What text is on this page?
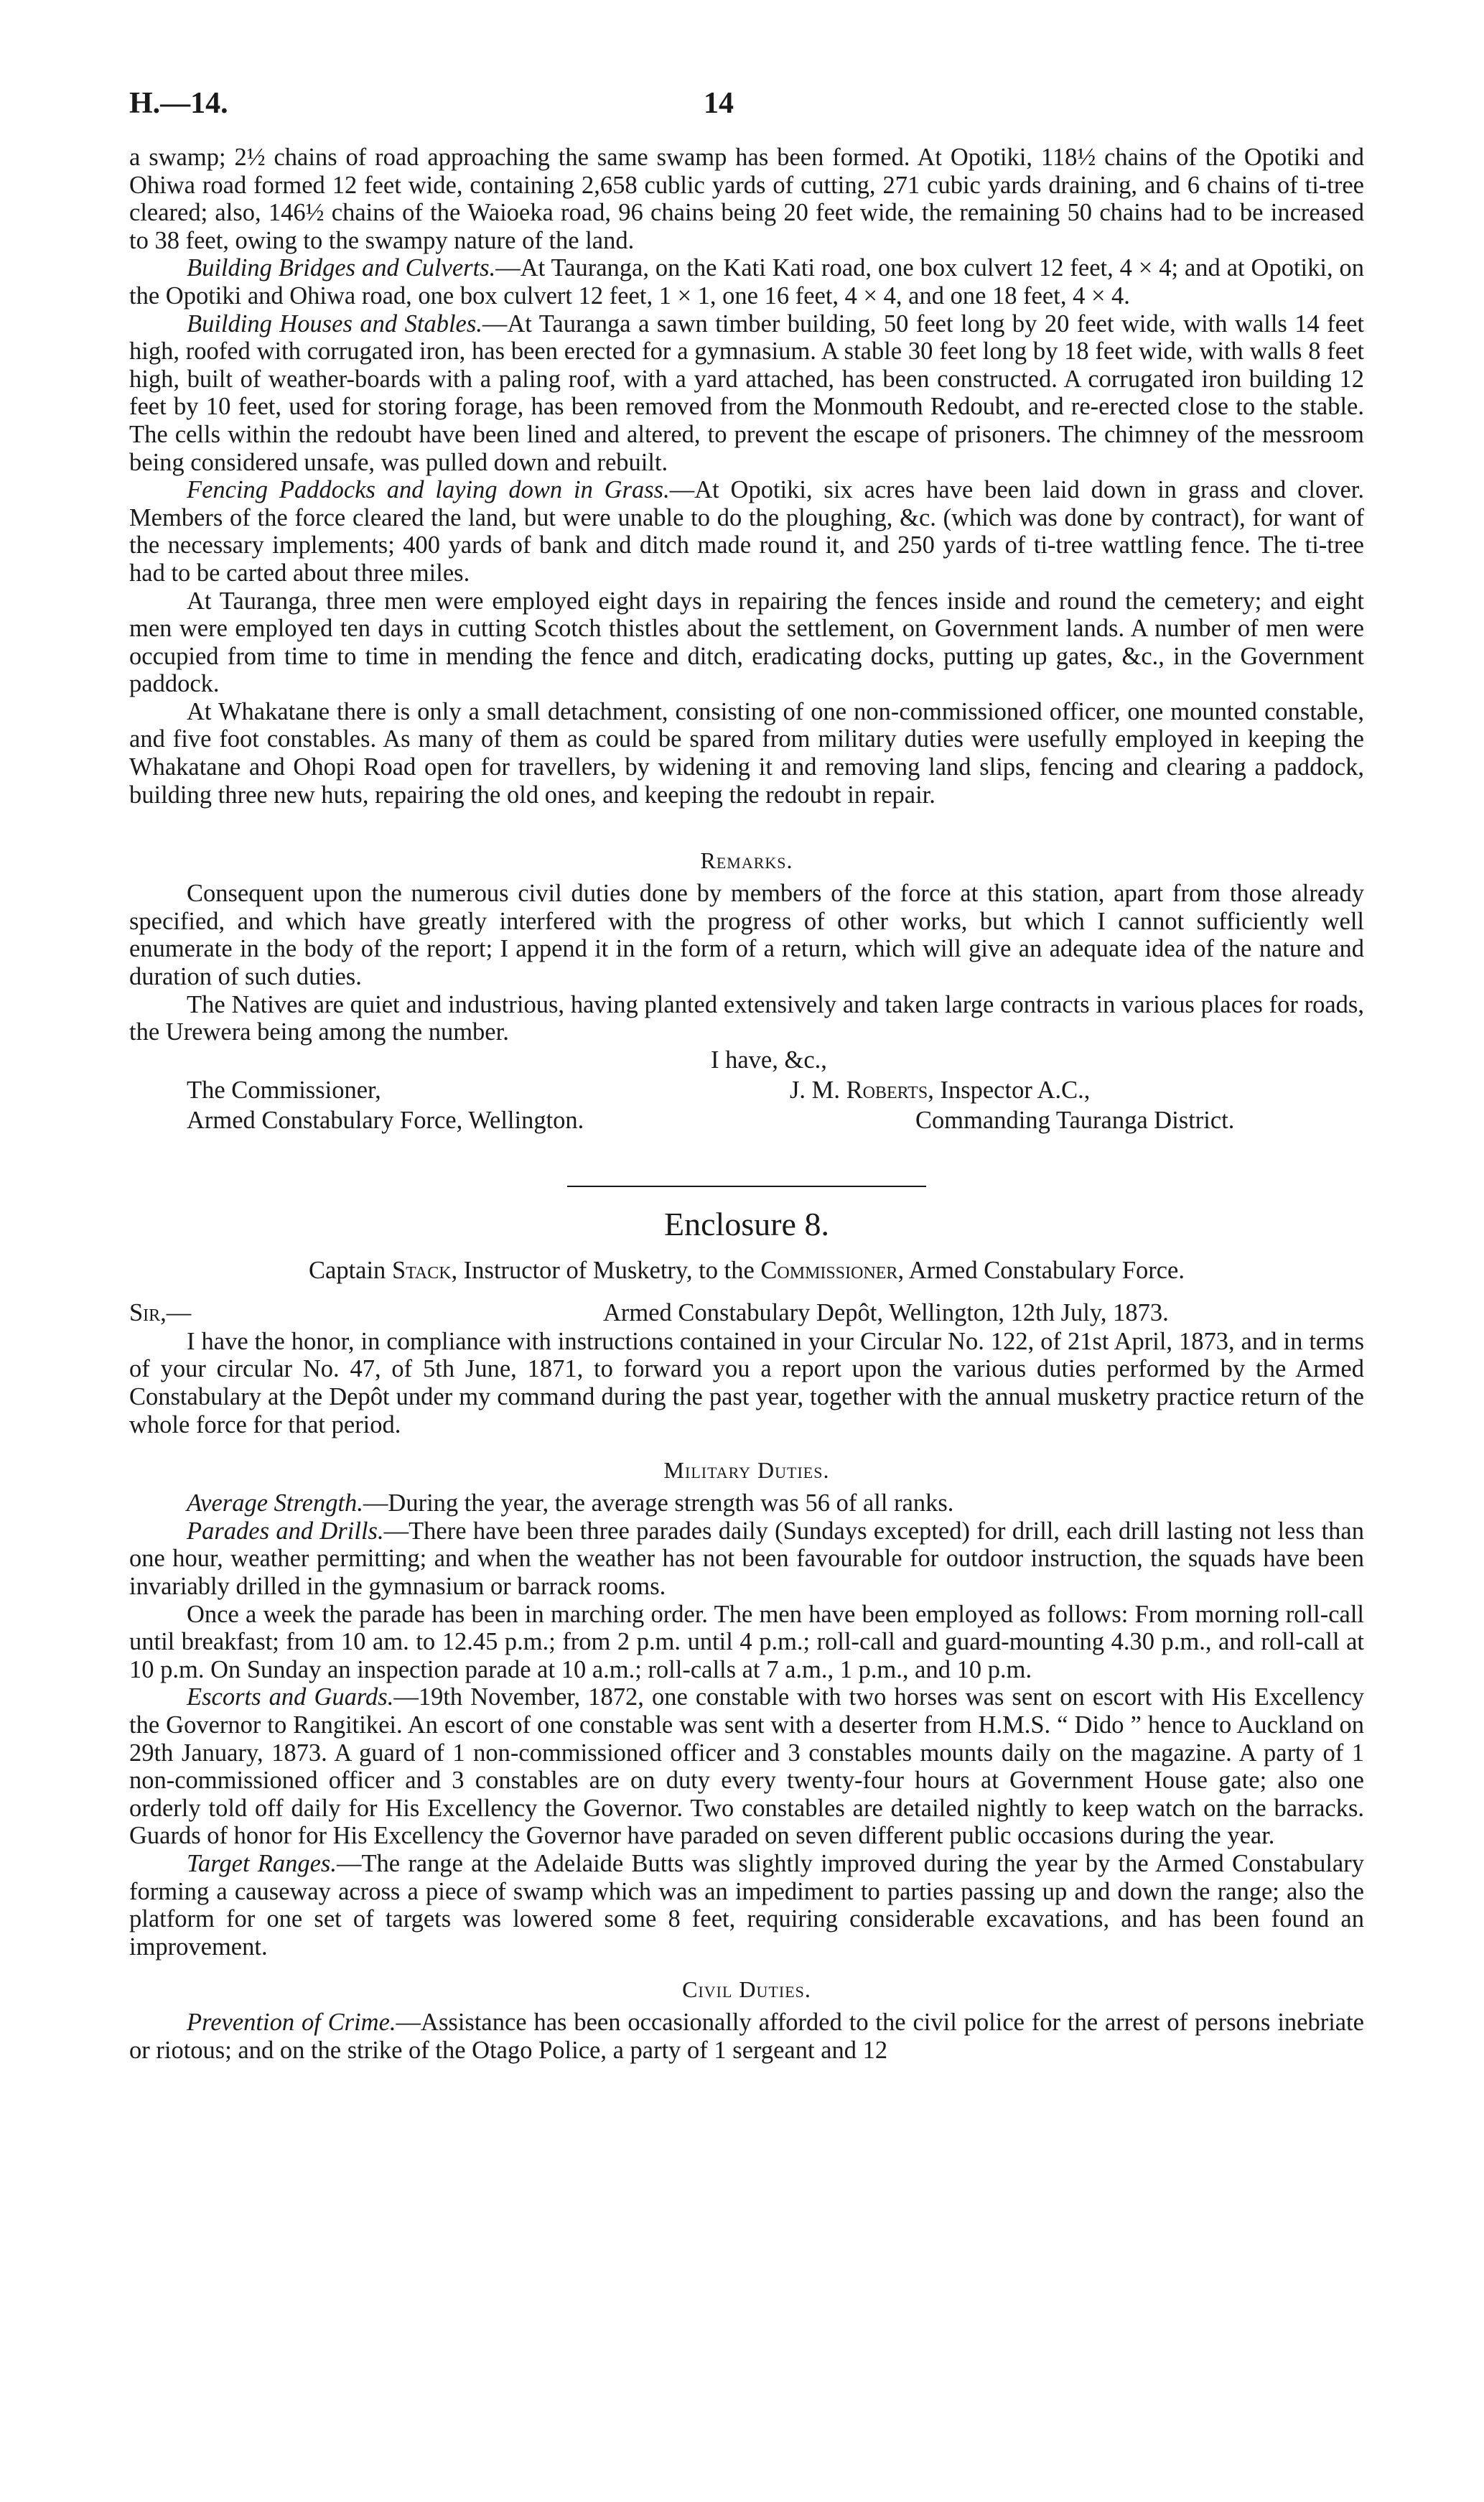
H.—14.	14

a swamp; 2½ chains of road approaching the same swamp has been formed. At Opotiki, 118½ chains of the Opotiki and Ohiwa road formed 12 feet wide, containing 2,658 cublic yards of cutting, 271 cubic yards draining, and 6 chains of ti-tree cleared; also, 146½ chains of the Waioeka road, 96 chains being 20 feet wide, the remaining 50 chains had to be increased to 38 feet, owing to the swampy nature of the land.

Building Bridges and Culverts.—At Tauranga, on the Kati Kati road, one box culvert 12 feet, 4 × 4; and at Opotiki, on the Opotiki and Ohiwa road, one box culvert 12 feet, 1 × 1, one 16 feet, 4 × 4, and one 18 feet, 4 × 4.

Building Houses and Stables.—At Tauranga a sawn timber building, 50 feet long by 20 feet wide, with walls 14 feet high, roofed with corrugated iron, has been erected for a gymnasium. A stable 30 feet long by 18 feet wide, with walls 8 feet high, built of weather-boards with a paling roof, with a yard attached, has been constructed. A corrugated iron building 12 feet by 10 feet, used for storing forage, has been removed from the Monmouth Redoubt, and re-erected close to the stable. The cells within the redoubt have been lined and altered, to prevent the escape of prisoners. The chimney of the messroom being considered unsafe, was pulled down and rebuilt.

Fencing Paddocks and laying down in Grass.—At Opotiki, six acres have been laid down in grass and clover. Members of the force cleared the land, but were unable to do the ploughing, &c. (which was done by contract), for want of the necessary implements; 400 yards of bank and ditch made round it, and 250 yards of ti-tree wattling fence. The ti-tree had to be carted about three miles.

At Tauranga, three men were employed eight days in repairing the fences inside and round the cemetery; and eight men were employed ten days in cutting Scotch thistles about the settlement, on Government lands. A number of men were occupied from time to time in mending the fence and ditch, eradicating docks, putting up gates, &c., in the Government paddock.

At Whakatane there is only a small detachment, consisting of one non-commissioned officer, one mounted constable, and five foot constables. As many of them as could be spared from military duties were usefully employed in keeping the Whakatane and Ohopi Road open for travellers, by widening it and removing land slips, fencing and clearing a paddock, building three new huts, repairing the old ones, and keeping the redoubt in repair.

Remarks.

Consequent upon the numerous civil duties done by members of the force at this station, apart from those already specified, and which have greatly interfered with the progress of other works, but which I cannot sufficiently well enumerate in the body of the report; I append it in the form of a return, which will give an adequate idea of the nature and duration of such duties.

The Natives are quiet and industrious, having planted extensively and taken large contracts in various places for roads, the Urewera being among the number.

I have, &c.,
The Commissioner,
Armed Constabulary Force, Wellington.
J. M. Roberts, Inspector A.C.,
Commanding Tauranga District.
Enclosure 8.
Captain Stack, Instructor of Musketry, to the Commissioner, Armed Constabulary Force.
Sir,—	Armed Constabulary Depôt, Wellington, 12th July, 1873.

I have the honor, in compliance with instructions contained in your Circular No. 122, of 21st April, 1873, and in terms of your circular No. 47, of 5th June, 1871, to forward you a report upon the various duties performed by the Armed Constabulary at the Depôt under my command during the past year, together with the annual musketry practice return of the whole force for that period.

Military Duties.

Average Strength.—During the year, the average strength was 56 of all ranks.

Parades and Drills.—There have been three parades daily (Sundays excepted) for drill, each drill lasting not less than one hour, weather permitting; and when the weather has not been favourable for outdoor instruction, the squads have been invariably drilled in the gymnasium or barrack rooms.

Once a week the parade has been in marching order. The men have been employed as follows: From morning roll-call until breakfast; from 10 am. to 12.45 p.m.; from 2 p.m. until 4 p.m.; roll-call and guard-mounting 4.30 p.m., and roll-call at 10 p.m. On Sunday an inspection parade at 10 a.m.; roll-calls at 7 a.m., 1 p.m., and 10 p.m.

Escorts and Guards.—19th November, 1872, one constable with two horses was sent on escort with His Excellency the Governor to Rangitikei. An escort of one constable was sent with a deserter from H.M.S. “ Dido ” hence to Auckland on 29th January, 1873. A guard of 1 non-commissioned officer and 3 constables mounts daily on the magazine. A party of 1 non-commissioned officer and 3 constables are on duty every twenty-four hours at Government House gate; also one orderly told off daily for His Excellency the Governor. Two constables are detailed nightly to keep watch on the barracks. Guards of honor for His Excellency the Governor have paraded on seven different public occasions during the year.

Target Ranges.—The range at the Adelaide Butts was slightly improved during the year by the Armed Constabulary forming a causeway across a piece of swamp which was an impediment to parties passing up and down the range; also the platform for one set of targets was lowered some 8 feet, requiring considerable excavations, and has been found an improvement.

Civil Duties.

Prevention of Crime.—Assistance has been occasionally afforded to the civil police for the arrest of persons inebriate or riotous; and on the strike of the Otago Police, a party of 1 sergeant and 12
